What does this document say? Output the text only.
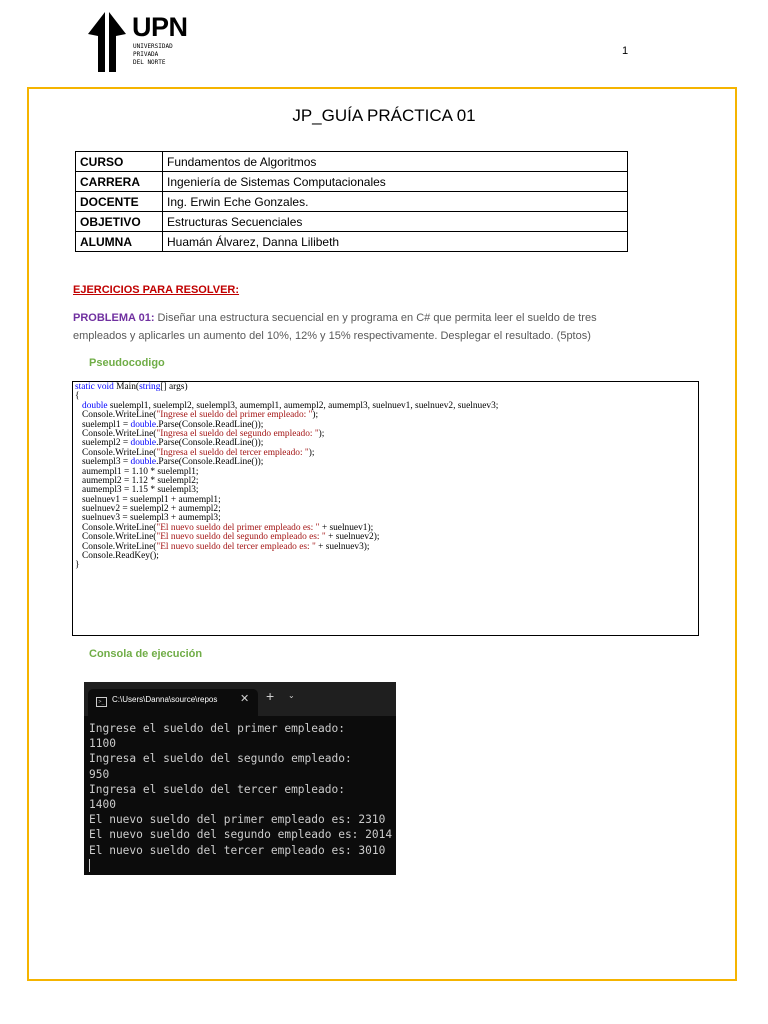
UPN
UNIVERSIDAD
PRIVADA
DEL NORTE
1
JP_GUÍA PRÁCTICA 01
CURSO	Fundamentos de Algoritmos
CARRERA	Ingeniería de Sistemas Computacionales
DOCENTE	Ing. Erwin Eche Gonzales.
OBJETIVO	Estructuras Secuenciales
ALUMNA	Huamán Álvarez, Danna Lilibeth
EJERCICIOS PARA RESOLVER:
PROBLEMA 01: Diseñar una estructura secuencial en y programa en C# que permita leer el sueldo de tres empleados y aplicarles un aumento del 10%, 12% y 15% respectivamente. Desplegar el resultado. (5ptos)
Pseudocodigo
static void Main(string[] args)
{
double suelempl1, suelempl2, suelempl3, aumempl1, aumempl2, aumempl3, suelnuev1, suelnuev2, suelnuev3;
Console.WriteLine("Ingrese el sueldo del primer empleado: ");
suelempl1 = double.Parse(Console.ReadLine());
Console.WriteLine("Ingresa el sueldo del segundo empleado: ");
suelempl2 = double.Parse(Console.ReadLine());
Console.WriteLine("Ingresa el sueldo del tercer empleado: ");
suelempl3 = double.Parse(Console.ReadLine());
aumempl1 = 1.10 * suelempl1;
aumempl2 = 1.12 * suelempl2;
aumempl3 = 1.15 * suelempl3;
suelnuev1 = suelempl1 + aumempl1;
suelnuev2 = suelempl2 + aumempl2;
suelnuev3 = suelempl3 + aumempl3;
Console.WriteLine("El nuevo sueldo del primer empleado es: " + suelnuev1);
Console.WriteLine("El nuevo sueldo del segundo empleado es: " + suelnuev2);
Console.WriteLine("El nuevo sueldo del tercer empleado es: " + suelnuev3);
Console.ReadKey();
}
Consola de ejecución
>_ C:\Users\Danna\source\repos ✕ + ⌄
Ingrese el sueldo del primer empleado:
1100
Ingresa el sueldo del segundo empleado:
950
Ingresa el sueldo del tercer empleado:
1400
El nuevo sueldo del primer empleado es: 2310
El nuevo sueldo del segundo empleado es: 2014
El nuevo sueldo del tercer empleado es: 3010
